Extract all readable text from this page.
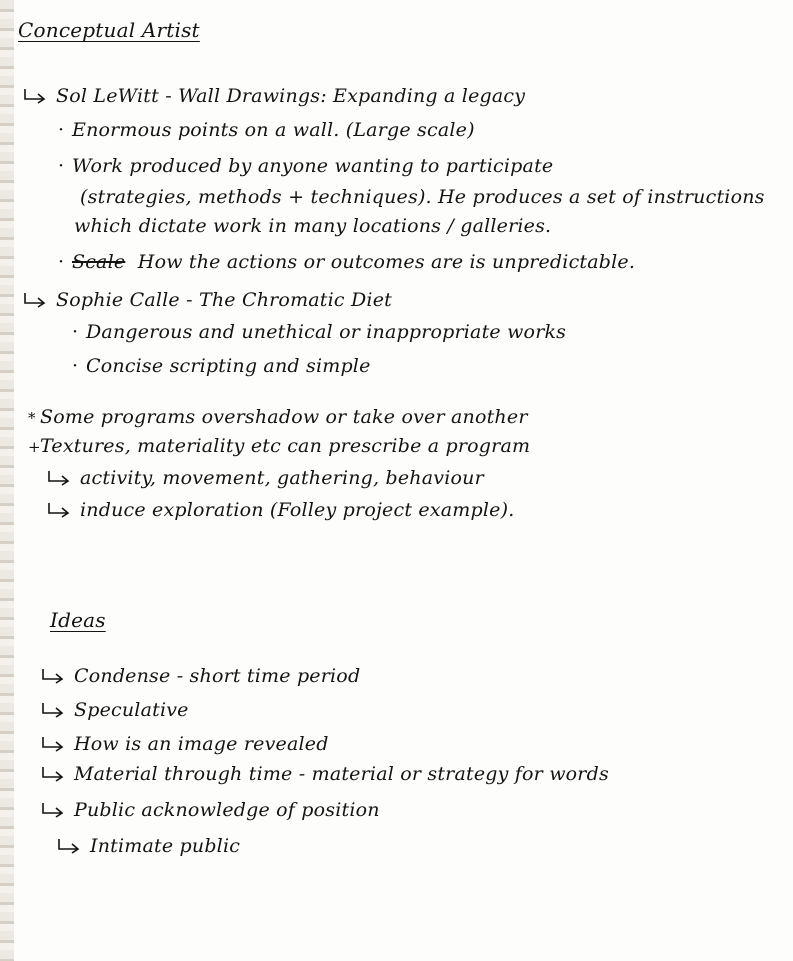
Conceptual Artist
Sol LeWitt - Wall Drawings: Expanding a legacy
· Enormous points on a wall. (Large scale)
· Work produced by anyone wanting to participate
(strategies, methods + techniques). He produces a set of instructions
which dictate work in many locations / galleries.
· Scale How the actions or outcomes are is unpredictable.
Sophie Calle - The Chromatic Diet
· Dangerous and unethical or inappropriate works
· Concise scripting and simple
* Some programs overshadow or take over another
+Textures, materiality etc can prescribe a program
activity, movement, gathering, behaviour
induce exploration (Folley project example).
Ideas
Condense - short time period
Speculative
How is an image revealed
Material through time - material or strategy for words
Public acknowledge of position
Intimate public
